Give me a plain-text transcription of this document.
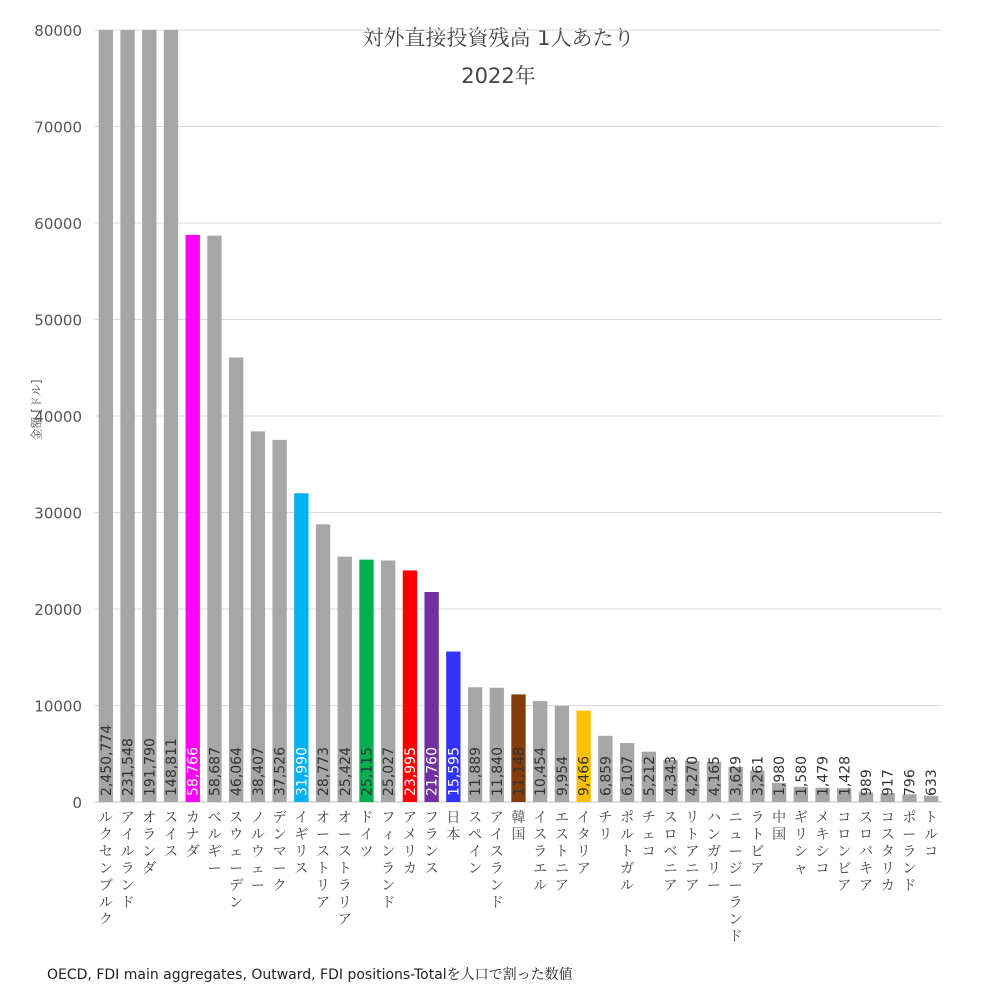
対外直接投資残高 1人あたり
2022年
金額 [ドル]
0
10000
20000
30000
40000
50000
60000
70000
80000
2,450,774
ルクセンブルク
231,548
アイルランド
191,790
オランダ
148,811
スイス
58,766
カナダ
58,687
ベルギー
46,064
スウェーデン
38,407
ノルウェー
37,526
デンマーク
31,990
イギリス
28,773
オーストリア
25,424
オーストラリア
25,115
ドイツ
25,027
フィンランド
23,995
アメリカ
21,760
フランス
15,595
日本
11,889
スペイン
11,840
アイスランド
11,148
韓国
10,454
イスラエル
9,954
エストニア
9,466
イタリア
6,859
チリ
6,107
ポルトガル
5,212
チェコ
4,343
スロベニア
4,270
リトアニア
4,165
ハンガリー
3,629
ニュージーランド
3,261
ラトビア
1,980
中国
1,580
ギリシャ
1,479
メキシコ
1,428
コロンビア
989
スロバキア
917
コスタリカ
796
ポーランド
633
トルコ
OECD, FDI main aggregates, Outward, FDI positions-Totalを人口で割った数値
